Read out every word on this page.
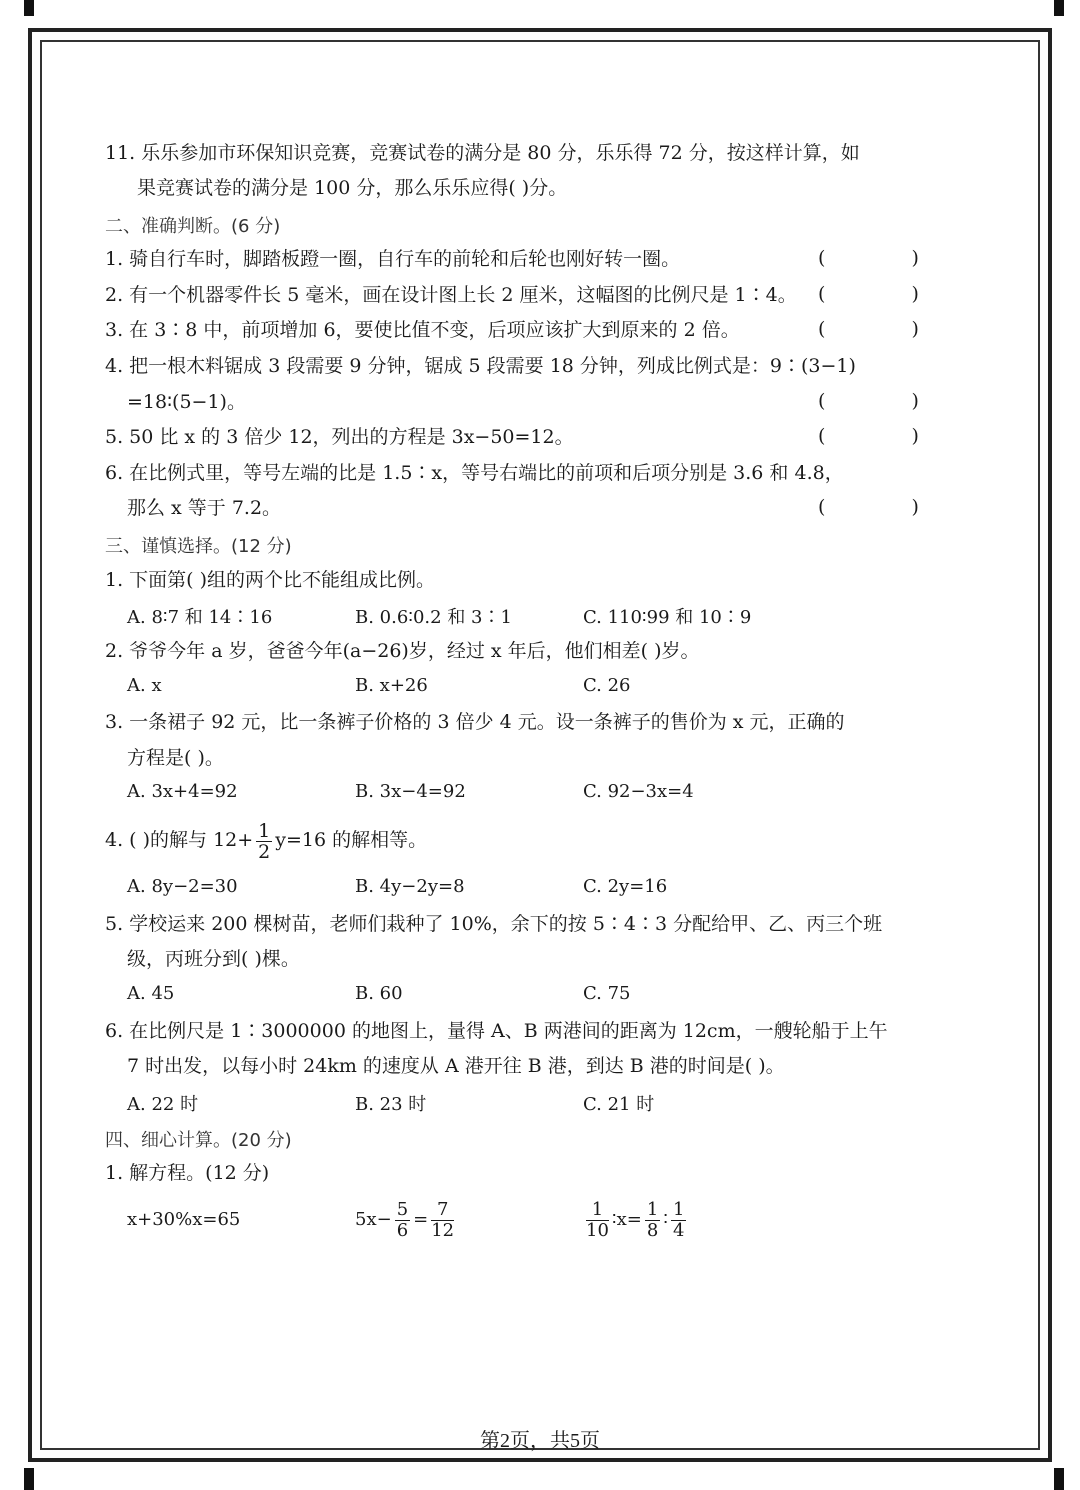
11. 乐乐参加市环保知识竞赛，竞赛试卷的满分是 80 分，乐乐得 72 分，按这样计算，如
果竞赛试卷的满分是 100 分，那么乐乐应得( )分。
二、准确判断。(6 分)
1. 骑自行车时，脚踏板蹬一圈，自行车的前轮和后轮也刚好转一圈。	( )
2. 有一个机器零件长 5 毫米，画在设计图上长 2 厘米，这幅图的比例尺是 1∶4。 ( )
3. 在 3∶8 中，前项增加 6，要使比值不变，后项应该扩大到原来的 2 倍。	( )
4. 把一根木料锯成 3 段需要 9 分钟，锯成 5 段需要 18 分钟，列成比例式是：9∶(3−1)
=18∶(5−1)。	( )
5. 50 比 x 的 3 倍少 12，列出的方程是 3x−50=12。	( )
6. 在比例式里，等号左端的比是 1.5∶x，等号右端比的前项和后项分别是 3.6 和 4.8，
那么 x 等于 7.2。	( )
三、谨慎选择。(12 分)
1. 下面第( )组的两个比不能组成比例。
A. 8∶7 和 14∶16	B. 0.6∶0.2 和 3∶1	C. 110∶99 和 10∶9
2. 爷爷今年 a 岁，爸爸今年(a−26)岁，经过 x 年后，他们相差( )岁。
A. x	B. x+26	C. 26
3. 一条裙子 92 元，比一条裤子价格的 3 倍少 4 元。设一条裤子的售价为 x 元，正确的
方程是( )。
A. 3x+4=92	B. 3x−4=92	C. 92−3x=4
4. ( )的解与 $12+ \frac{1}{2} y=16$ 的解相等。
A. 8y−2=30	B. 4y−2y=8	C. 2y=16
5. 学校运来 200 棵树苗，老师们栽种了 10%，余下的按 5∶4∶3 分配给甲、乙、丙三个班
级，丙班分到( )棵。
A. 45	B. 60	C. 75
6. 在比例尺是 1∶3000000 的地图上，量得 A、B 两港间的距离为 12cm，一艘轮船于上午
7 时出发，以每小时 24km 的速度从 A 港开往 B 港，到达 B 港的时间是( )。
A. 22 时	B. 23 时	C. 21 时
四、细心计算。(20 分)
1. 解方程。(12 分)
x+30%x=65	$5x- \frac{5}{6} = \frac{7}{12}$	$\frac{1}{10}$ ∶x= $\frac{1}{8}$ ∶ $\frac{1}{4}$
第2页，共5页
